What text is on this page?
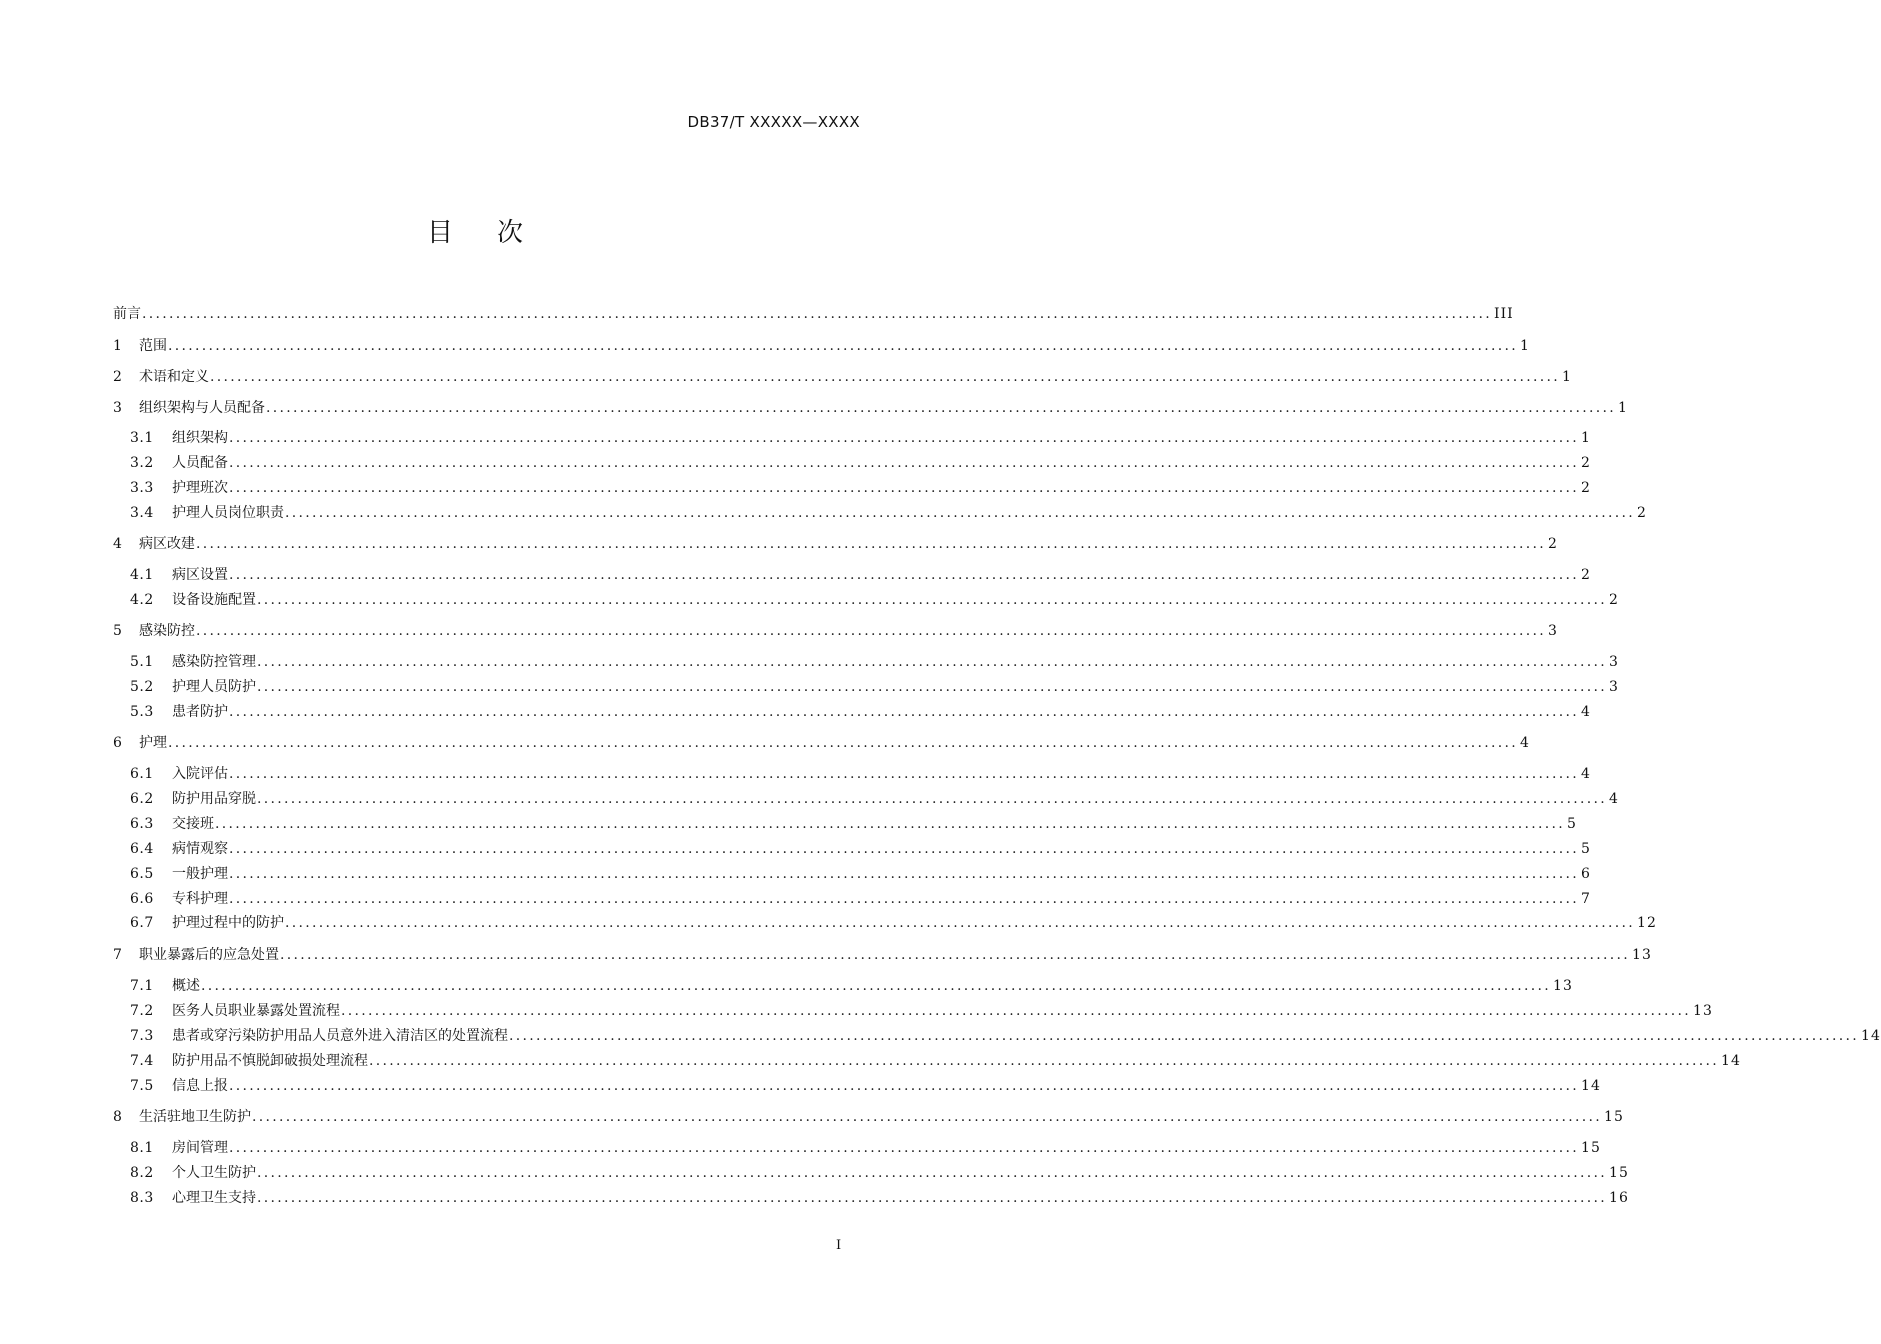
DB37/T XXXXX—XXXX
目 次
前言 ........................................................................................................................................................................................................ III
1	范围 ........................................................................................................................................................................................................ 1
2	术语和定义 ........................................................................................................................................................................................................ 1
3	组织架构与人员配备 ........................................................................................................................................................................................................ 1
3.1	组织架构 ........................................................................................................................................................................................................ 1
3.2	人员配备 ........................................................................................................................................................................................................ 2
3.3	护理班次 ........................................................................................................................................................................................................ 2
3.4	护理人员岗位职责 ........................................................................................................................................................................................................ 2
4	病区改建 ........................................................................................................................................................................................................ 2
4.1	病区设置 ........................................................................................................................................................................................................ 2
4.2	设备设施配置 ........................................................................................................................................................................................................ 2
5	感染防控 ........................................................................................................................................................................................................ 3
5.1	感染防控管理 ........................................................................................................................................................................................................ 3
5.2	护理人员防护 ........................................................................................................................................................................................................ 3
5.3	患者防护 ........................................................................................................................................................................................................ 4
6	护理 ........................................................................................................................................................................................................ 4
6.1	入院评估 ........................................................................................................................................................................................................ 4
6.2	防护用品穿脱 ........................................................................................................................................................................................................ 4
6.3	交接班 ........................................................................................................................................................................................................ 5
6.4	病情观察 ........................................................................................................................................................................................................ 5
6.5	一般护理 ........................................................................................................................................................................................................ 6
6.6	专科护理 ........................................................................................................................................................................................................ 7
6.7	护理过程中的防护 ........................................................................................................................................................................................................ 12
7	职业暴露后的应急处置 ........................................................................................................................................................................................................ 13
7.1	概述 ........................................................................................................................................................................................................ 13
7.2	医务人员职业暴露处置流程 ........................................................................................................................................................................................................ 13
7.3	患者或穿污染防护用品人员意外进入清洁区的处置流程 ........................................................................................................................................................................................................ 14
7.4	防护用品不慎脱卸破损处理流程 ........................................................................................................................................................................................................ 14
7.5	信息上报 ........................................................................................................................................................................................................ 14
8	生活驻地卫生防护 ........................................................................................................................................................................................................ 15
8.1	房间管理 ........................................................................................................................................................................................................ 15
8.2	个人卫生防护 ........................................................................................................................................................................................................ 15
8.3	心理卫生支持 ........................................................................................................................................................................................................ 16
I
